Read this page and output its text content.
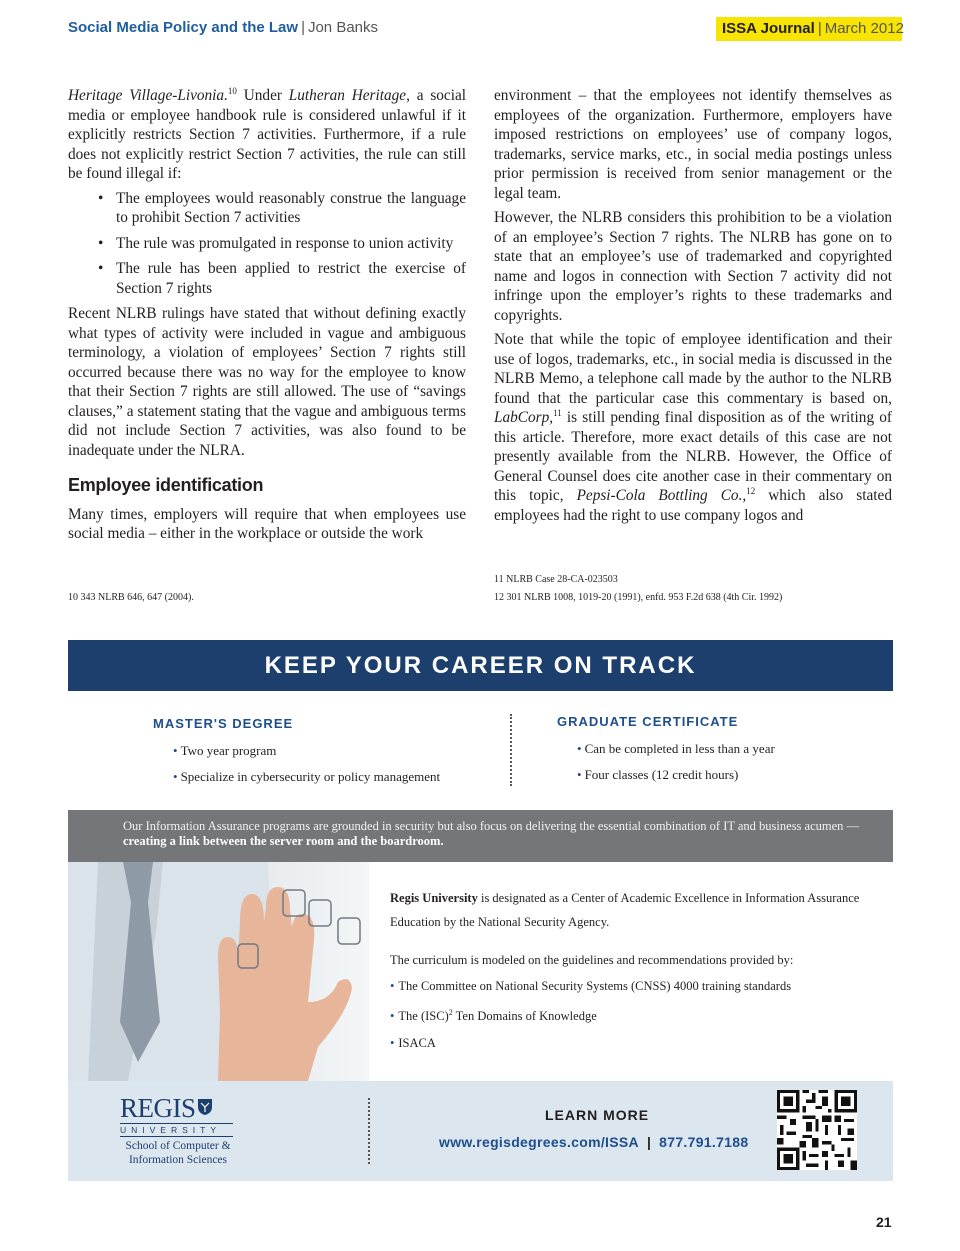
Social Media Policy and the Law | Jon Banks	ISSA Journal | March 2012

Heritage Village-Livonia.$^{10}$ Under Lutheran Heritage, a social media or employee handbook rule is considered unlawful if it explicitly restricts Section 7 activities. Furthermore, if a rule does not explicitly restrict Section 7 activities, the rule can still be found illegal if:

• The employees would reasonably construe the language to prohibit Section 7 activities
• The rule was promulgated in response to union activity
• The rule has been applied to restrict the exercise of Section 7 rights

Recent NLRB rulings have stated that without defining exactly what types of activity were included in vague and ambiguous terminology, a violation of employees’ Section 7 rights still occurred because there was no way for the employee to know that their Section 7 rights are still allowed. The use of “savings clauses,” a statement stating that the vague and ambiguous terms did not include Section 7 activities, was also found to be inadequate under the NLRA.

Employee identification

Many times, employers will require that when employees use social media – either in the workplace or outside the work

environment – that the employees not identify themselves as employees of the organization. Furthermore, employers have imposed restrictions on employees’ use of company logos, trademarks, service marks, etc., in social media postings unless prior permission is received from senior management or the legal team.

However, the NLRB considers this prohibition to be a violation of an employee’s Section 7 rights. The NLRB has gone on to state that an employee’s use of trademarked and copyrighted name and logos in connection with Section 7 activity did not infringe upon the employer’s rights to these trademarks and copyrights.

Note that while the topic of employee identification and their use of logos, trademarks, etc., in social media is discussed in the NLRB Memo, a telephone call made by the author to the NLRB found that the particular case this commentary is based on, LabCorp,$^{11}$ is still pending final disposition as of the writing of this article. Therefore, more exact details of this case are not presently available from the NLRB. However, the Office of General Counsel does cite another case in their commentary on this topic, Pepsi-Cola Bottling Co.,$^{12}$ which also stated employees had the right to use company logos and

10 343 NLRB 646, 647 (2004).
11 NLRB Case 28-CA-023503
12 301 NLRB 1008, 1019-20 (1991), enfd. 953 F.2d 638 (4th Cir. 1992)
KEEP YOUR CAREER ON TRACK
MASTER'S DEGREE
• Two year program
• Specialize in cybersecurity or policy management
GRADUATE CERTIFICATE
• Can be completed in less than a year
• Four classes (12 credit hours)
Our Information Assurance programs are grounded in security but also focus on delivering the essential combination of IT and business acumen — creating a link between the server room and the boardroom.

Regis University is designated as a Center of Academic Excellence in Information Assurance Education by the National Security Agency.

The curriculum is modeled on the guidelines and recommendations provided by:

• The Committee on National Security Systems (CNSS) 4000 training standards
• The (ISC)$^2$ Ten Domains of Knowledge
• ISACA
REGIS
UNIVERSITY
School of Computer & Information Sciences
LEARN MORE
www.regisdegrees.com/ISSA | 877.791.7188
21
